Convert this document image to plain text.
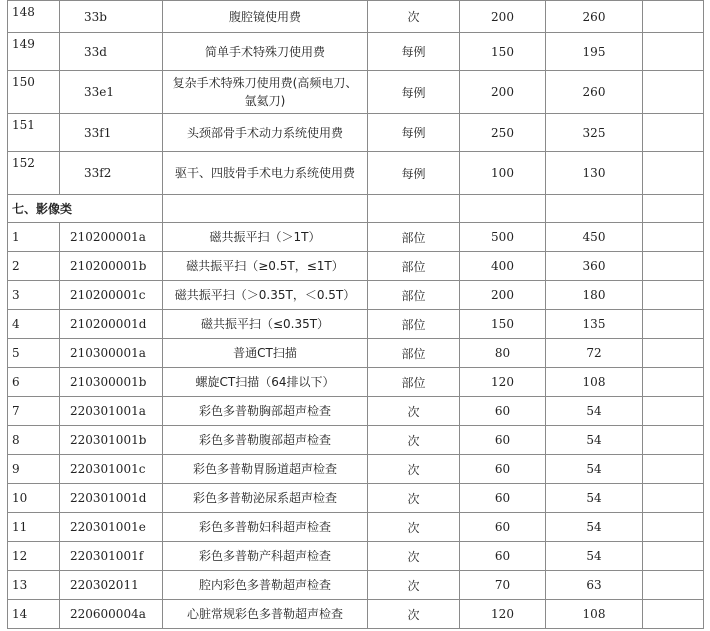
148	33b	腹腔镜使用费	次	200	260	
149	33d	简单手术特殊刀使用费	每例	150	195	
150	33e1	复杂手术特殊刀使用费(高频电刀、氩氦刀)	每例	200	260	
151	33f1	头颈部骨手术动力系统使用费	每例	250	325	
152	33f2	驱干、四肢骨手术电力系统使用费	每例	100	130	
七、影像类						
1	210200001a	磁共振平扫（＞1T）	部位	500	450	
2	210200001b	磁共振平扫（≥0.5T，≤1T）	部位	400	360	
3	210200001c	磁共振平扫（＞0.35T，＜0.5T）	部位	200	180	
4	210200001d	磁共振平扫（≤0.35T）	部位	150	135	
5	210300001a	普通CT扫描	部位	80	72	
6	210300001b	螺旋CT扫描（64排以下）	部位	120	108	
7	220301001a	彩色多普勒胸部超声检查	次	60	54	
8	220301001b	彩色多普勒腹部超声检查	次	60	54	
9	220301001c	彩色多普勒胃肠道超声检查	次	60	54	
10	220301001d	彩色多普勒泌尿系超声检查	次	60	54	
11	220301001e	彩色多普勒妇科超声检查	次	60	54	
12	220301001f	彩色多普勒产科超声检查	次	60	54	
13	220302011	腔内彩色多普勒超声检查	次	70	63	
14	220600004a	心脏常规彩色多普勒超声检查	次	120	108	
